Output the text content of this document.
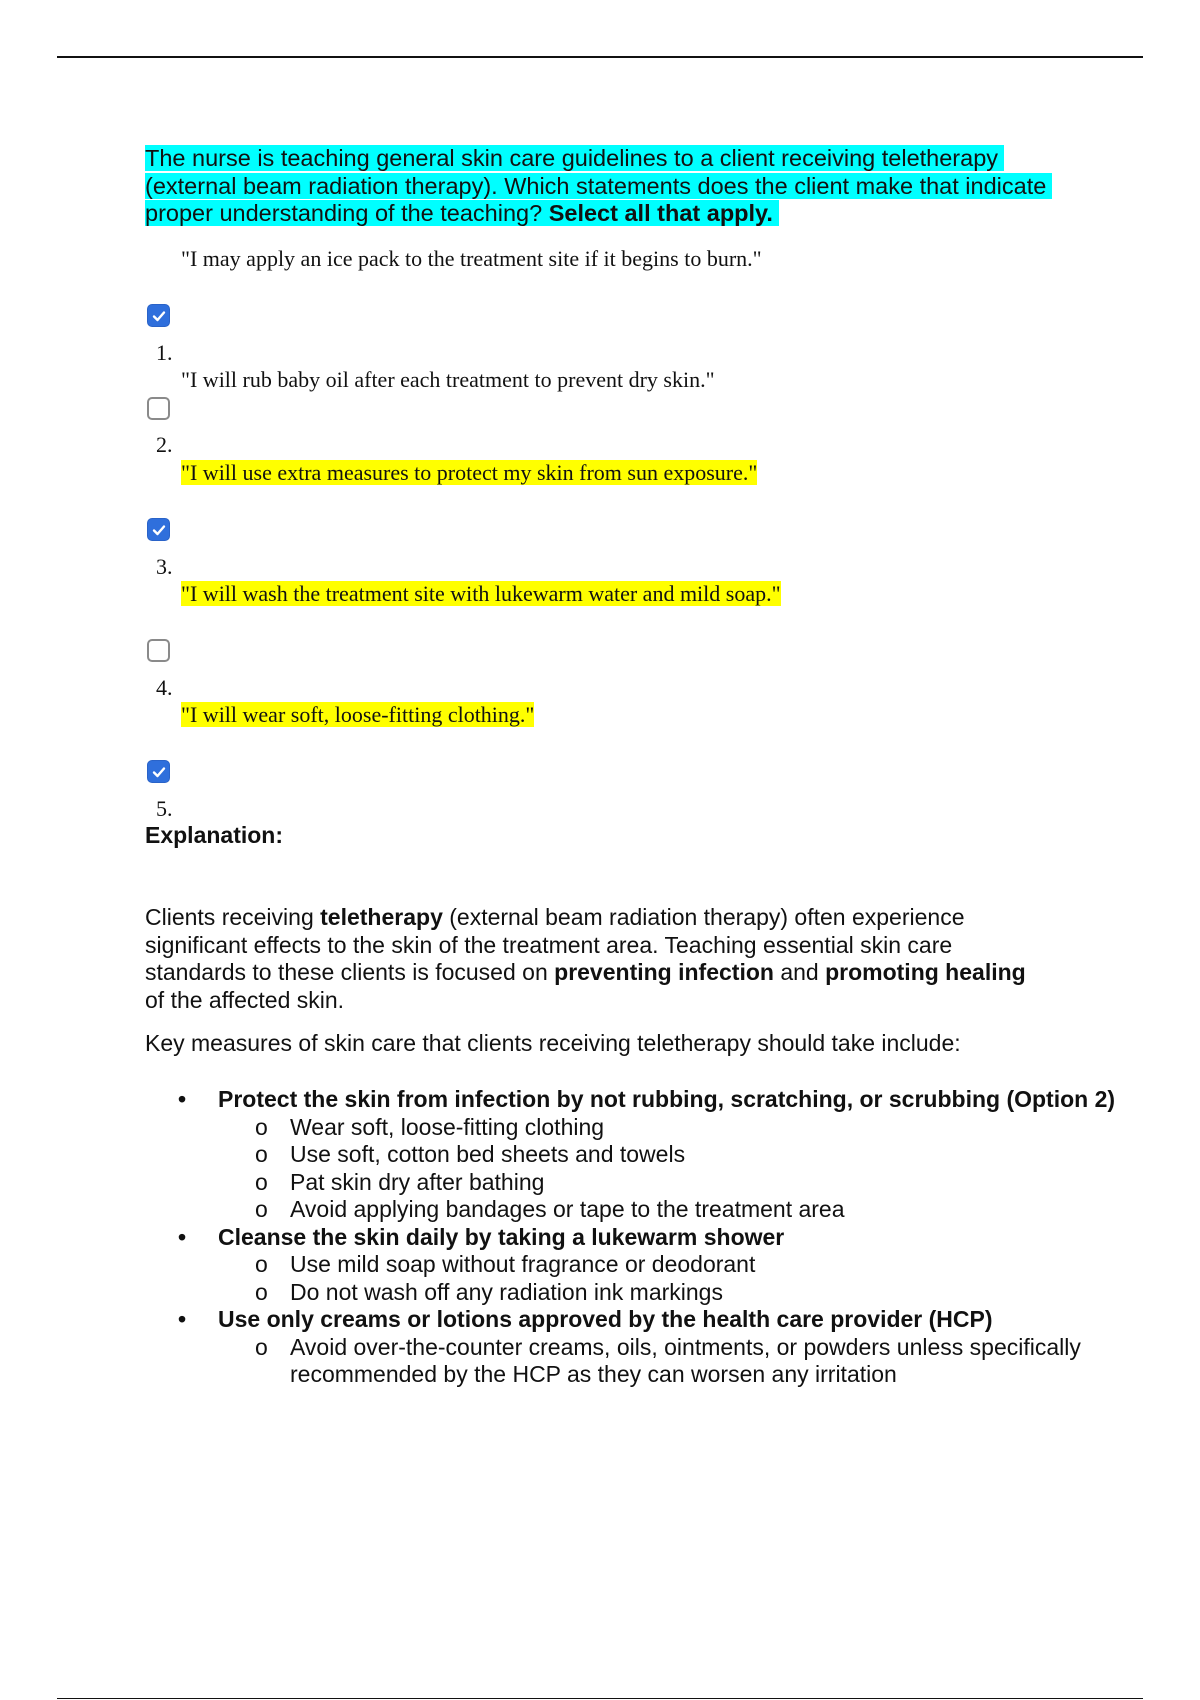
The nurse is teaching general skin care guidelines to a client receiving teletherapy (external beam radiation therapy). Which statements does the client make that indicate proper understanding of the teaching? Select all that apply.
"I may apply an ice pack to the treatment site if it begins to burn."
1.
"I will rub baby oil after each treatment to prevent dry skin."
2.
"I will use extra measures to protect my skin from sun exposure."
3.
"I will wash the treatment site with lukewarm water and mild soap."
4.
"I will wear soft, loose-fitting clothing."
5.
Explanation:
Clients receiving teletherapy (external beam radiation therapy) often experience significant effects to the skin of the treatment area. Teaching essential skin care standards to these clients is focused on preventing infection and promoting healing of the affected skin.
Key measures of skin care that clients receiving teletherapy should take include:
• Protect the skin from infection by not rubbing, scratching, or scrubbing (Option 2)
o Wear soft, loose-fitting clothing
o Use soft, cotton bed sheets and towels
o Pat skin dry after bathing
o Avoid applying bandages or tape to the treatment area
• Cleanse the skin daily by taking a lukewarm shower
o Use mild soap without fragrance or deodorant
o Do not wash off any radiation ink markings
• Use only creams or lotions approved by the health care provider (HCP)
o Avoid over-the-counter creams, oils, ointments, or powders unless specifically recommended by the HCP as they can worsen any irritation
